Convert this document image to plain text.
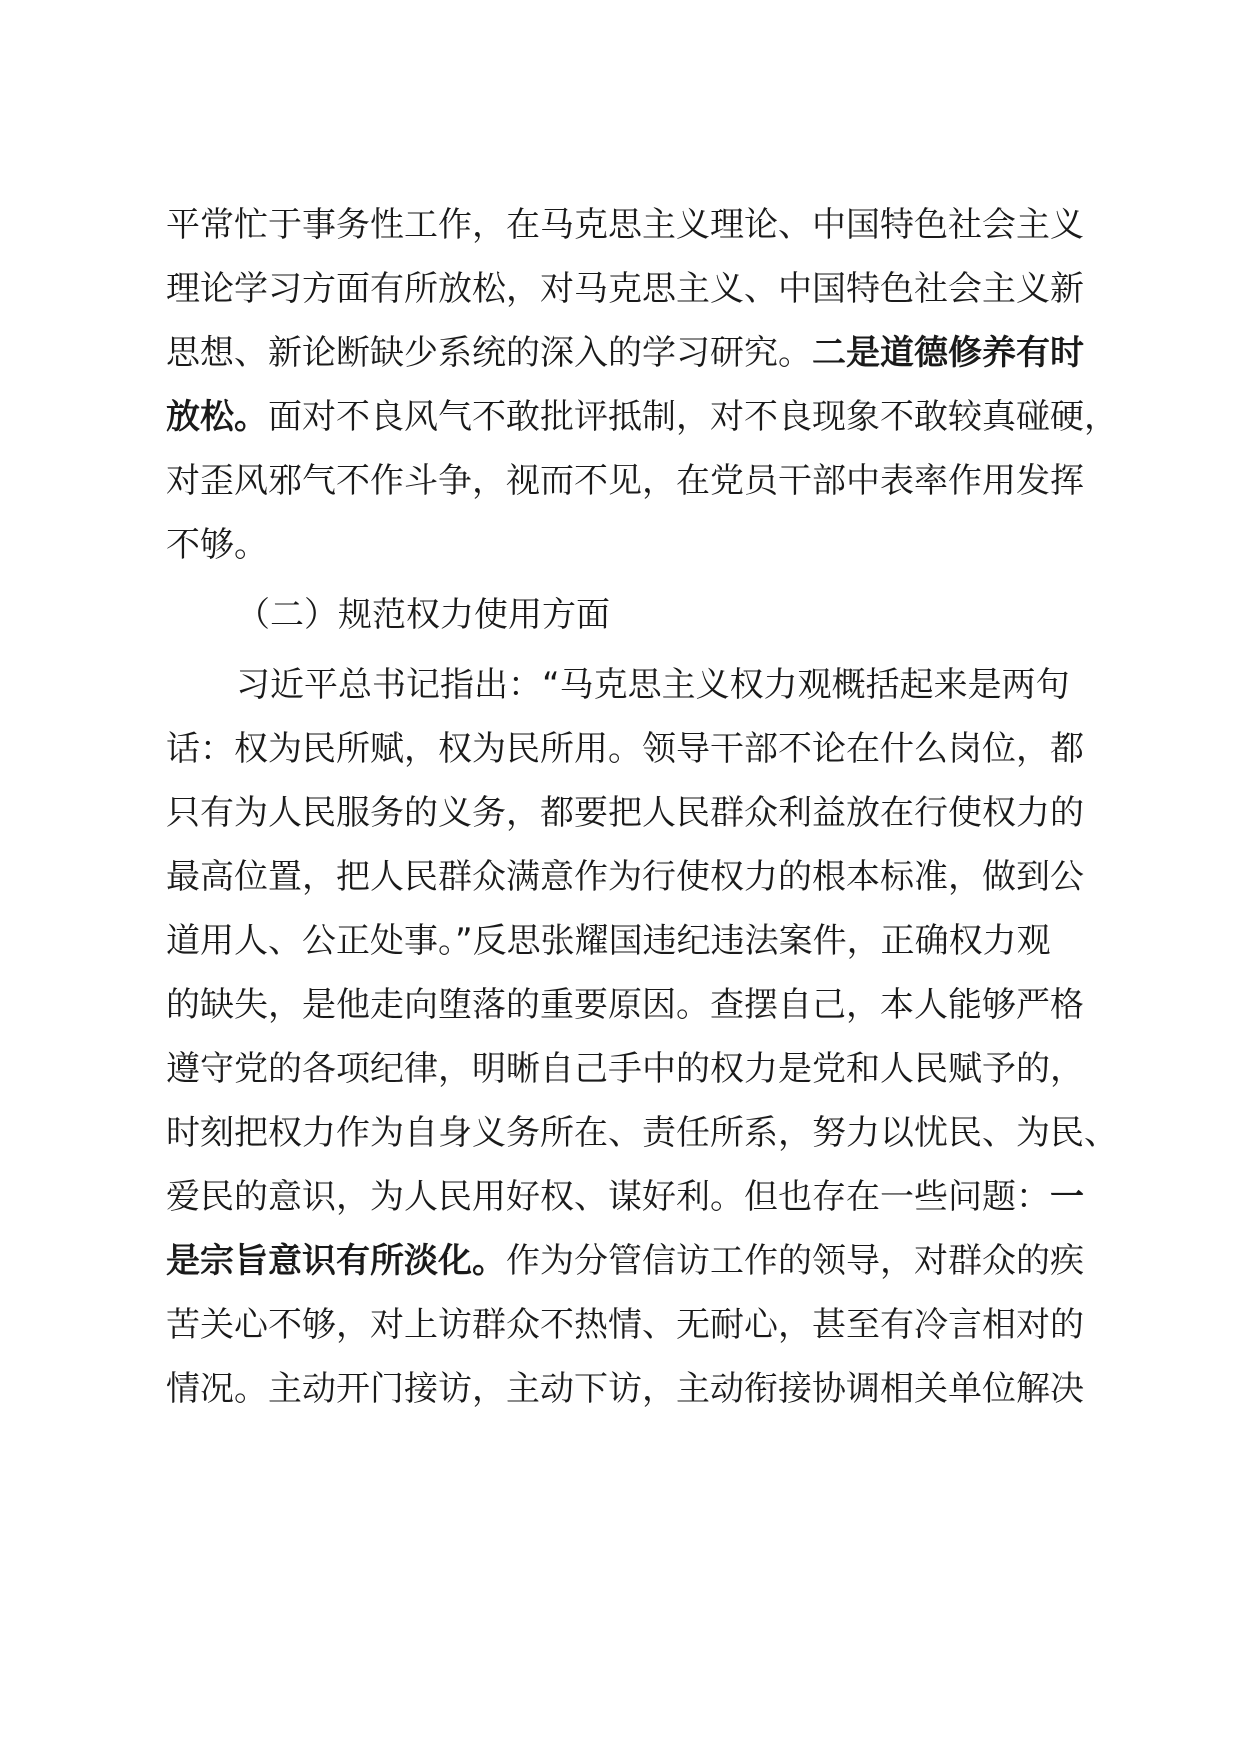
平常忙于事务性工作，在马克思主义理论、中国特色社会主义
理论学习方面有所放松，对马克思主义、中国特色社会主义新
思想、新论断缺少系统的深入的学习研究。二是道德修养有时
放松。面对不良风气不敢批评抵制，对不良现象不敢较真碰硬，
对歪风邪气不作斗争，视而不见，在党员干部中表率作用发挥
不够。
（二）规范权力使用方面
习近平总书记指出：“马克思主义权力观概括起来是两句
话：权为民所赋，权为民所用。领导干部不论在什么岗位，都
只有为人民服务的义务，都要把人民群众利益放在行使权力的
最高位置，把人民群众满意作为行使权力的根本标准，做到公
道用人、公正处事。”反思张耀国违纪违法案件，正确权力观
的缺失，是他走向堕落的重要原因。查摆自己，本人能够严格
遵守党的各项纪律，明晰自己手中的权力是党和人民赋予的，
时刻把权力作为自身义务所在、责任所系，努力以忧民、为民、
爱民的意识，为人民用好权、谋好利。但也存在一些问题：一
是宗旨意识有所淡化。作为分管信访工作的领导，对群众的疾
苦关心不够，对上访群众不热情、无耐心，甚至有冷言相对的
情况。主动开门接访，主动下访，主动衔接协调相关单位解决
